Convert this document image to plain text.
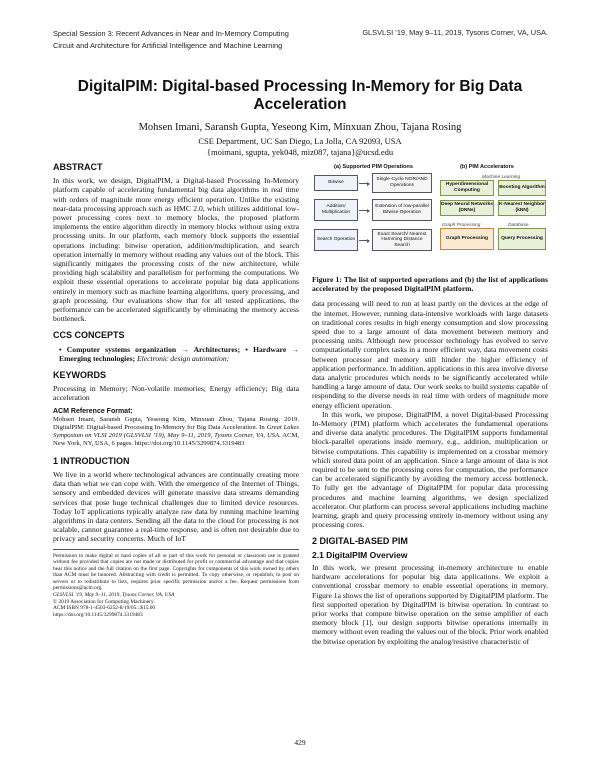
Special Session 3: Recent Advances in Near and In-Memory Computing
Circuit and Architecture for Artificial Intelligence and Machine Learning
GLSVLSI ’19, May 9–11, 2019, Tysons Corner, VA, USA.
DigitalPIM: Digital-based Processing In-Memory for Big Data Acceleration
Mohsen Imani, Saransh Gupta, Yeseong Kim, Minxuan Zhou, Tajana Rosing
CSE Department, UC San Diego, La Jolla, CA 92093, USA
{moimani, sgupta, yek048, miz087, tajana}@ucsd.edu
ABSTRACT

In this work, we design, DigitalPIM, a Digital-based Processing In-Memory platform capable of accelerating fundamental big data algorithms in real time with orders of magnitude more energy efficient operation. Unlike the existing near-data processing approach such as HMC 2.0, which utilizes additional low-power processing cores next to memory blocks, the proposed platform implements the entire algorithm directly in memory blocks without using extra processing units. In our platform, each memory block supports the essential operations including: bitwise operation, addition/multiplication, and search operation internally in memory without reading any values out of the block. This significantly mitigates the processing costs of the new architecture, while providing high scalability and parallelism for performing the computations. We exploit these essential operations to accelerate popular big data applications entirely in memory such as machine learning algorithms, query processing, and graph processing. Our evaluations show that for all tested applications, the performance can be accelerated significantly by eliminating the memory access bottleneck.

CCS CONCEPTS

• Computer systems organization → Architectures; • Hardware → Emerging technologies; Electronic design automation;

KEYWORDS

Processing in Memory; Non-volatile memories; Energy efficiency; Big data acceleration

ACM Reference Format:

Mohsen Imani, Saransh Gupta, Yeseong Kim, Minxuan Zhou, Tajana Rosing. 2019. DigitalPIM: Digital-based Processing In-Memory for Big Data Acceleration. In Great Lakes Symposium on VLSI 2019 (GLSVLSI ’19), May 9–11, 2019, Tysons Corner, VA, USA. ACM, New York, NY, USA, 6 pages. https://doi.org/10.1145/3299874.3319483

1 INTRODUCTION

We live in a world where technological advances are continually creating more data than what we can cope with. With the emergence of the Internet of Things, sensory and embedded devices will generate massive data streams demanding services that pose huge technical challenges due to limited device resources. Today IoT applications typically analyze raw data by running machine learning algorithms in data centers. Sending all the data to the cloud for processing is not scalable, cannot guarantee a real-time response, and is often not desirable due to privacy and security concerns. Much of IoT

Permission to make digital or hard copies of all or part of this work for personal or classroom use is granted without fee provided that copies are not made or distributed for profit or commercial advantage and that copies bear this notice and the full citation on the first page. Copyrights for components of this work owned by others than ACM must be honored. Abstracting with credit is permitted. To copy otherwise, or republish, to post on servers or to redistribute to lists, requires prior specific permission and/or a fee. Request permissions from permissions@acm.org.

GLSVLSI ’19, May 9–11, 2019, Tysons Corner, VA, USA

© 2019 Association for Computing Machinery.

ACM ISBN 978-1-4503-6252-8/19/05...$15.00

https://doi.org/10.1145/3299874.3319483

(a) Supported PIM Operations	(b) PIM Accelerators
Bitwise
Addition/ Multiplication
Search Operation
Single-Cycle NOR/AND Operations
Extension of row-parallel Bitwise Operation
Exact Search/ Nearest Hamming Distance Search
Machine Learning
Hyperdimensional Computing
Boosting Algorithm
Deep Neural Networks (DNNs)
K-Nearest Neighbor (kNN)
Graph Processing	Database
Graph Processing	Query Processing

Figure 1: The list of supported operations and (b) the list of applications accelerated by the proposed DigitalPIM platform.

data processing will need to run at least partly on the devices at the edge of the internet. However, running data-intensive workloads with large datasets on traditional cores results in high energy consumption and slow processing speed due to a large amount of data movement between memory and processing units. Although new processor technology has evolved to serve computationally complex tasks in a more efficient way, data movement costs between processor and memory still hinder the higher efficiency of application performance. In addition, applications in this area involve diverse data analytic procedures which needs to be significantly accelerated while handling a large amount of data. Our work seeks to build systems capable of responding to the diverse needs in real time with orders of magnitude more energy efficient operation.

In this work, we propose, DigitalPIM, a novel Digital-based Processing In-Memory (PIM) platform which accelerates the fundamental operations and diverse data analytic procedures. The DigitalPIM supports fundamental block-parallel operations inside memory, e.g., addition, multiplication or bitwise computations. This capability is implemented on a crossbar memory which stored data point of an application. Since a large amount of data is not required to be sent to the processing cores for computation, the performance can be accelerated significantly by avoiding the memory access bottleneck. To fully get the advantage of DigitalPIM for popular data processing procedures and machine learning algorithms, we design specialized accelerator. Our platform can process several applications including machine learning, graph and query processing entirely in-memory without using any processing cores.

2 DIGITAL-BASED PIM
2.1 DigitalPIM Overview

In this work, we present processing in-memory architecture to enable hardware accelerations for popular big data applications. We exploit a conventional crossbar memory to enable essential operations in memory. Figure 1a shows the list of operations supported by DigitalPIM platform. The first supported operation by DigitalPIM is bitwise operation. In contrast to prior works that compute bitwise operation on the sense amplifier of each memory block [1], our design supports bitwise operations internally in memory without even reading the values out of the block. Prior work enabled the bitwise operation by exploiting the analog/resistive characteristic of

429
